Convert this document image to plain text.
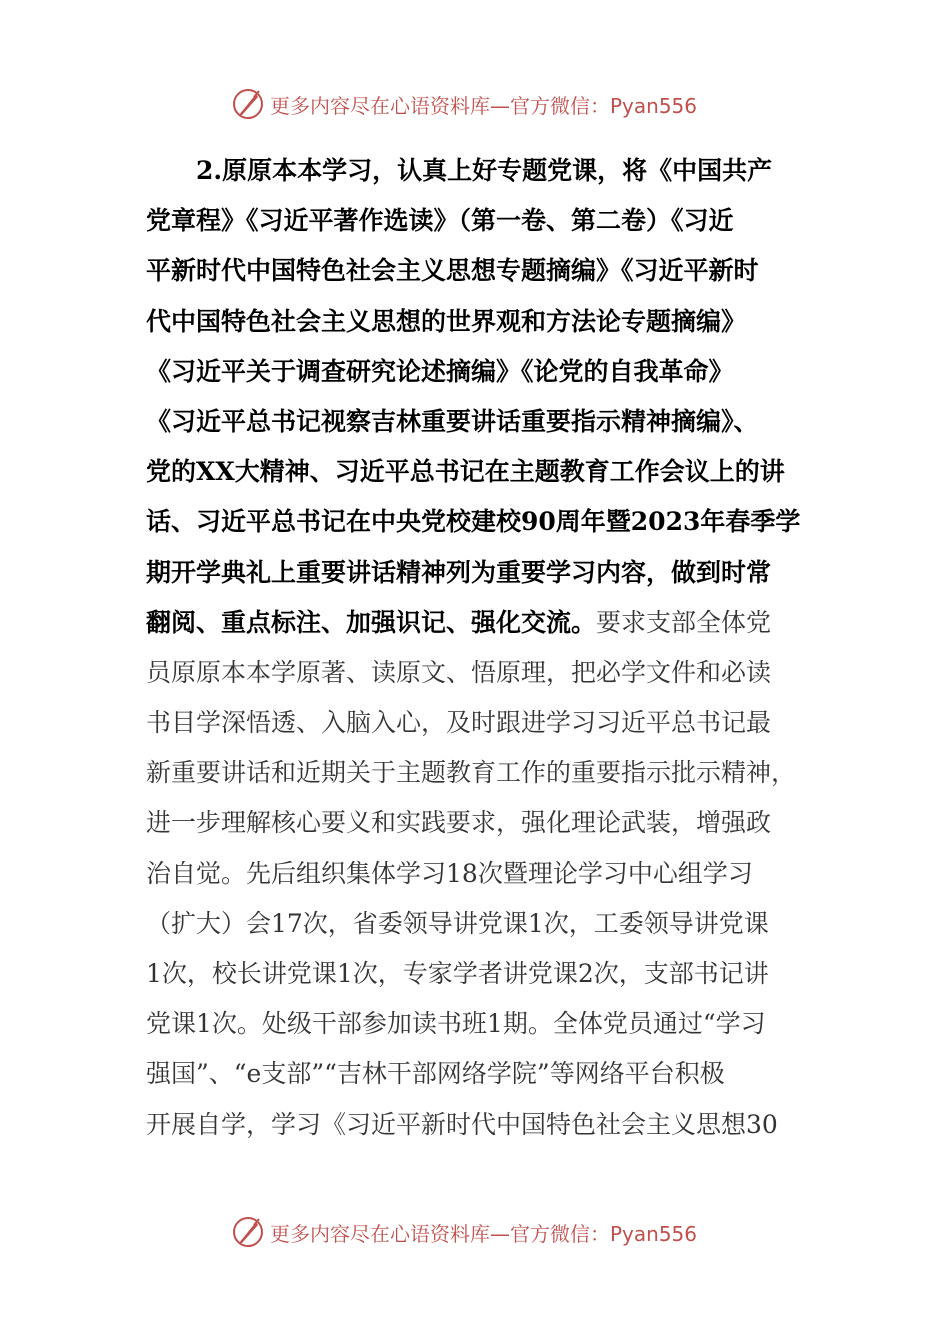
更多内容尽在心语资料库—官方微信：Pyan556
2.原原本本学习，认真上好专题党课，将《中国共产
党章程》《习近平著作选读》（第一卷、第二卷）《习近
平新时代中国特色社会主义思想专题摘编》《习近平新时
代中国特色社会主义思想的世界观和方法论专题摘编》
《习近平关于调查研究论述摘编》《论党的自我革命》
《习近平总书记视察吉林重要讲话重要指示精神摘编》、
党的XX大精神、习近平总书记在主题教育工作会议上的讲
话、习近平总书记在中央党校建校90周年暨2023年春季学
期开学典礼上重要讲话精神列为重要学习内容，做到时常
翻阅、重点标注、加强识记、强化交流。要求支部全体党
员原原本本学原著、读原文、悟原理，把必学文件和必读
书目学深悟透、入脑入心，及时跟进学习习近平总书记最
新重要讲话和近期关于主题教育工作的重要指示批示精神，
进一步理解核心要义和实践要求，强化理论武装，增强政
治自觉。先后组织集体学习18次暨理论学习中心组学习
（扩大）会17次，省委领导讲党课1次，工委领导讲党课
1次，校长讲党课1次，专家学者讲党课2次，支部书记讲
党课1次。处级干部参加读书班1期。全体党员通过“学习
强国”、“e支部”“吉林干部网络学院”等网络平台积极
开展自学，学习《习近平新时代中国特色社会主义思想30
更多内容尽在心语资料库—官方微信：Pyan556
